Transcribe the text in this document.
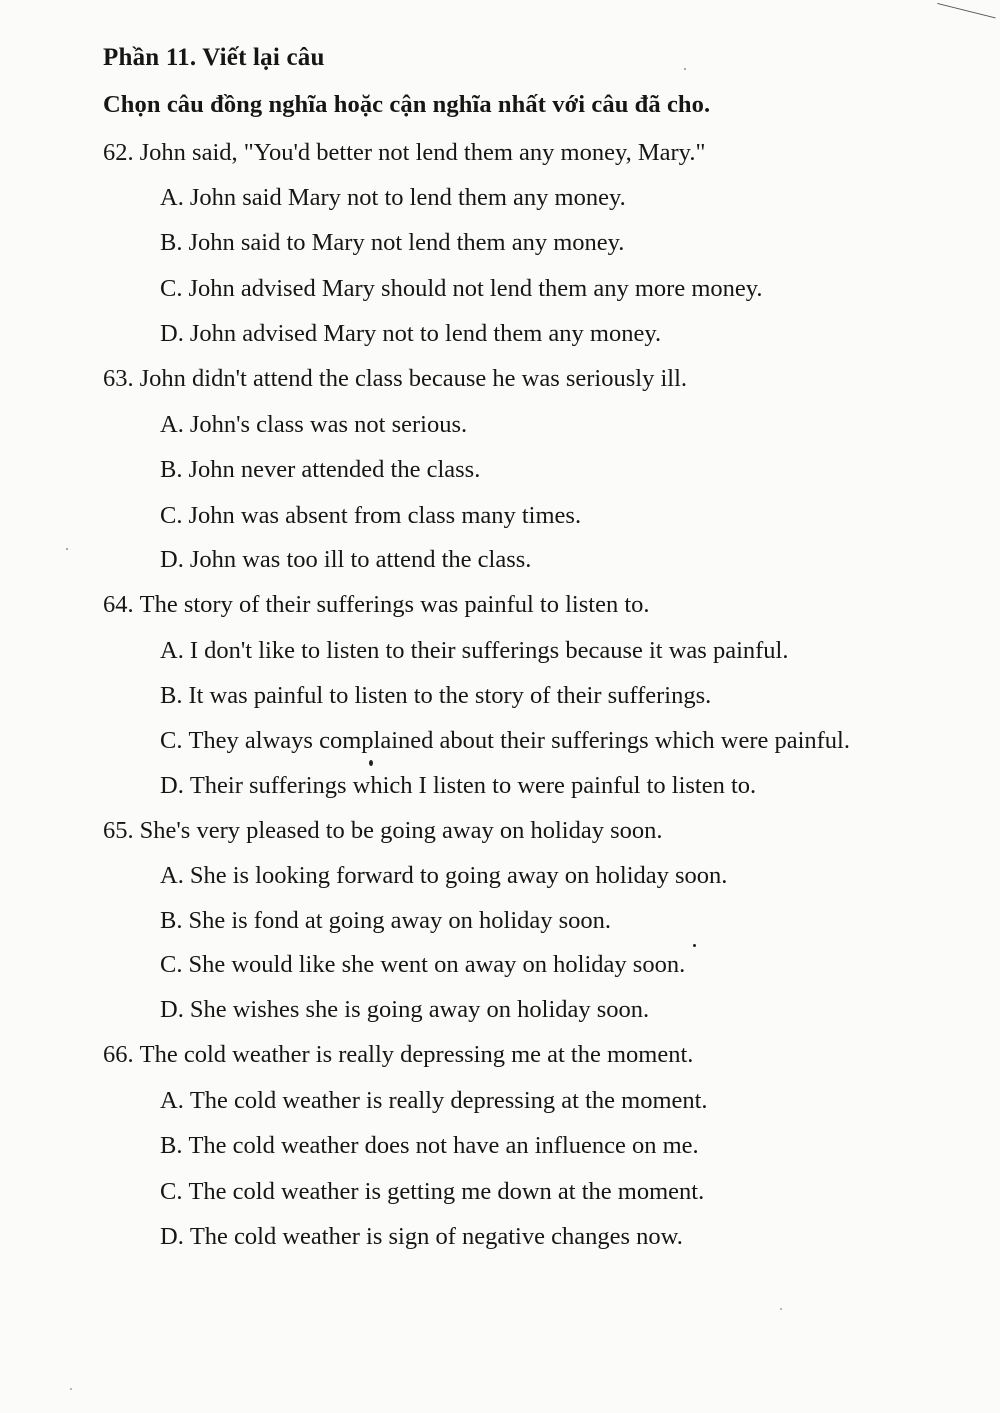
Phần 11. Viết lại câu
Chọn câu đồng nghĩa hoặc cận nghĩa nhất với câu đã cho.
62. John said, "You'd better not lend them any money, Mary."
A. John said Mary not to lend them any money.
B. John said to Mary not lend them any money.
C. John advised Mary should not lend them any more money.
D. John advised Mary not to lend them any money.
63. John didn't attend the class because he was seriously ill.
A. John's class was not serious.
B. John never attended the class.
C. John was absent from class many times.
D. John was too ill to attend the class.
64. The story of their sufferings was painful to listen to.
A. I don't like to listen to their sufferings because it was painful.
B. It was painful to listen to the story of their sufferings.
C. They always complained about their sufferings which were painful.
D. Their sufferings which I listen to were painful to listen to.
65. She's very pleased to be going away on holiday soon.
A. She is looking forward to going away on holiday soon.
B. She is fond at going away on holiday soon.
C. She would like she went on away on holiday soon.
D. She wishes she is going away on holiday soon.
66. The cold weather is really depressing me at the moment.
A. The cold weather is really depressing at the moment.
B. The cold weather does not have an influence on me.
C. The cold weather is getting me down at the moment.
D. The cold weather is sign of negative changes now.
